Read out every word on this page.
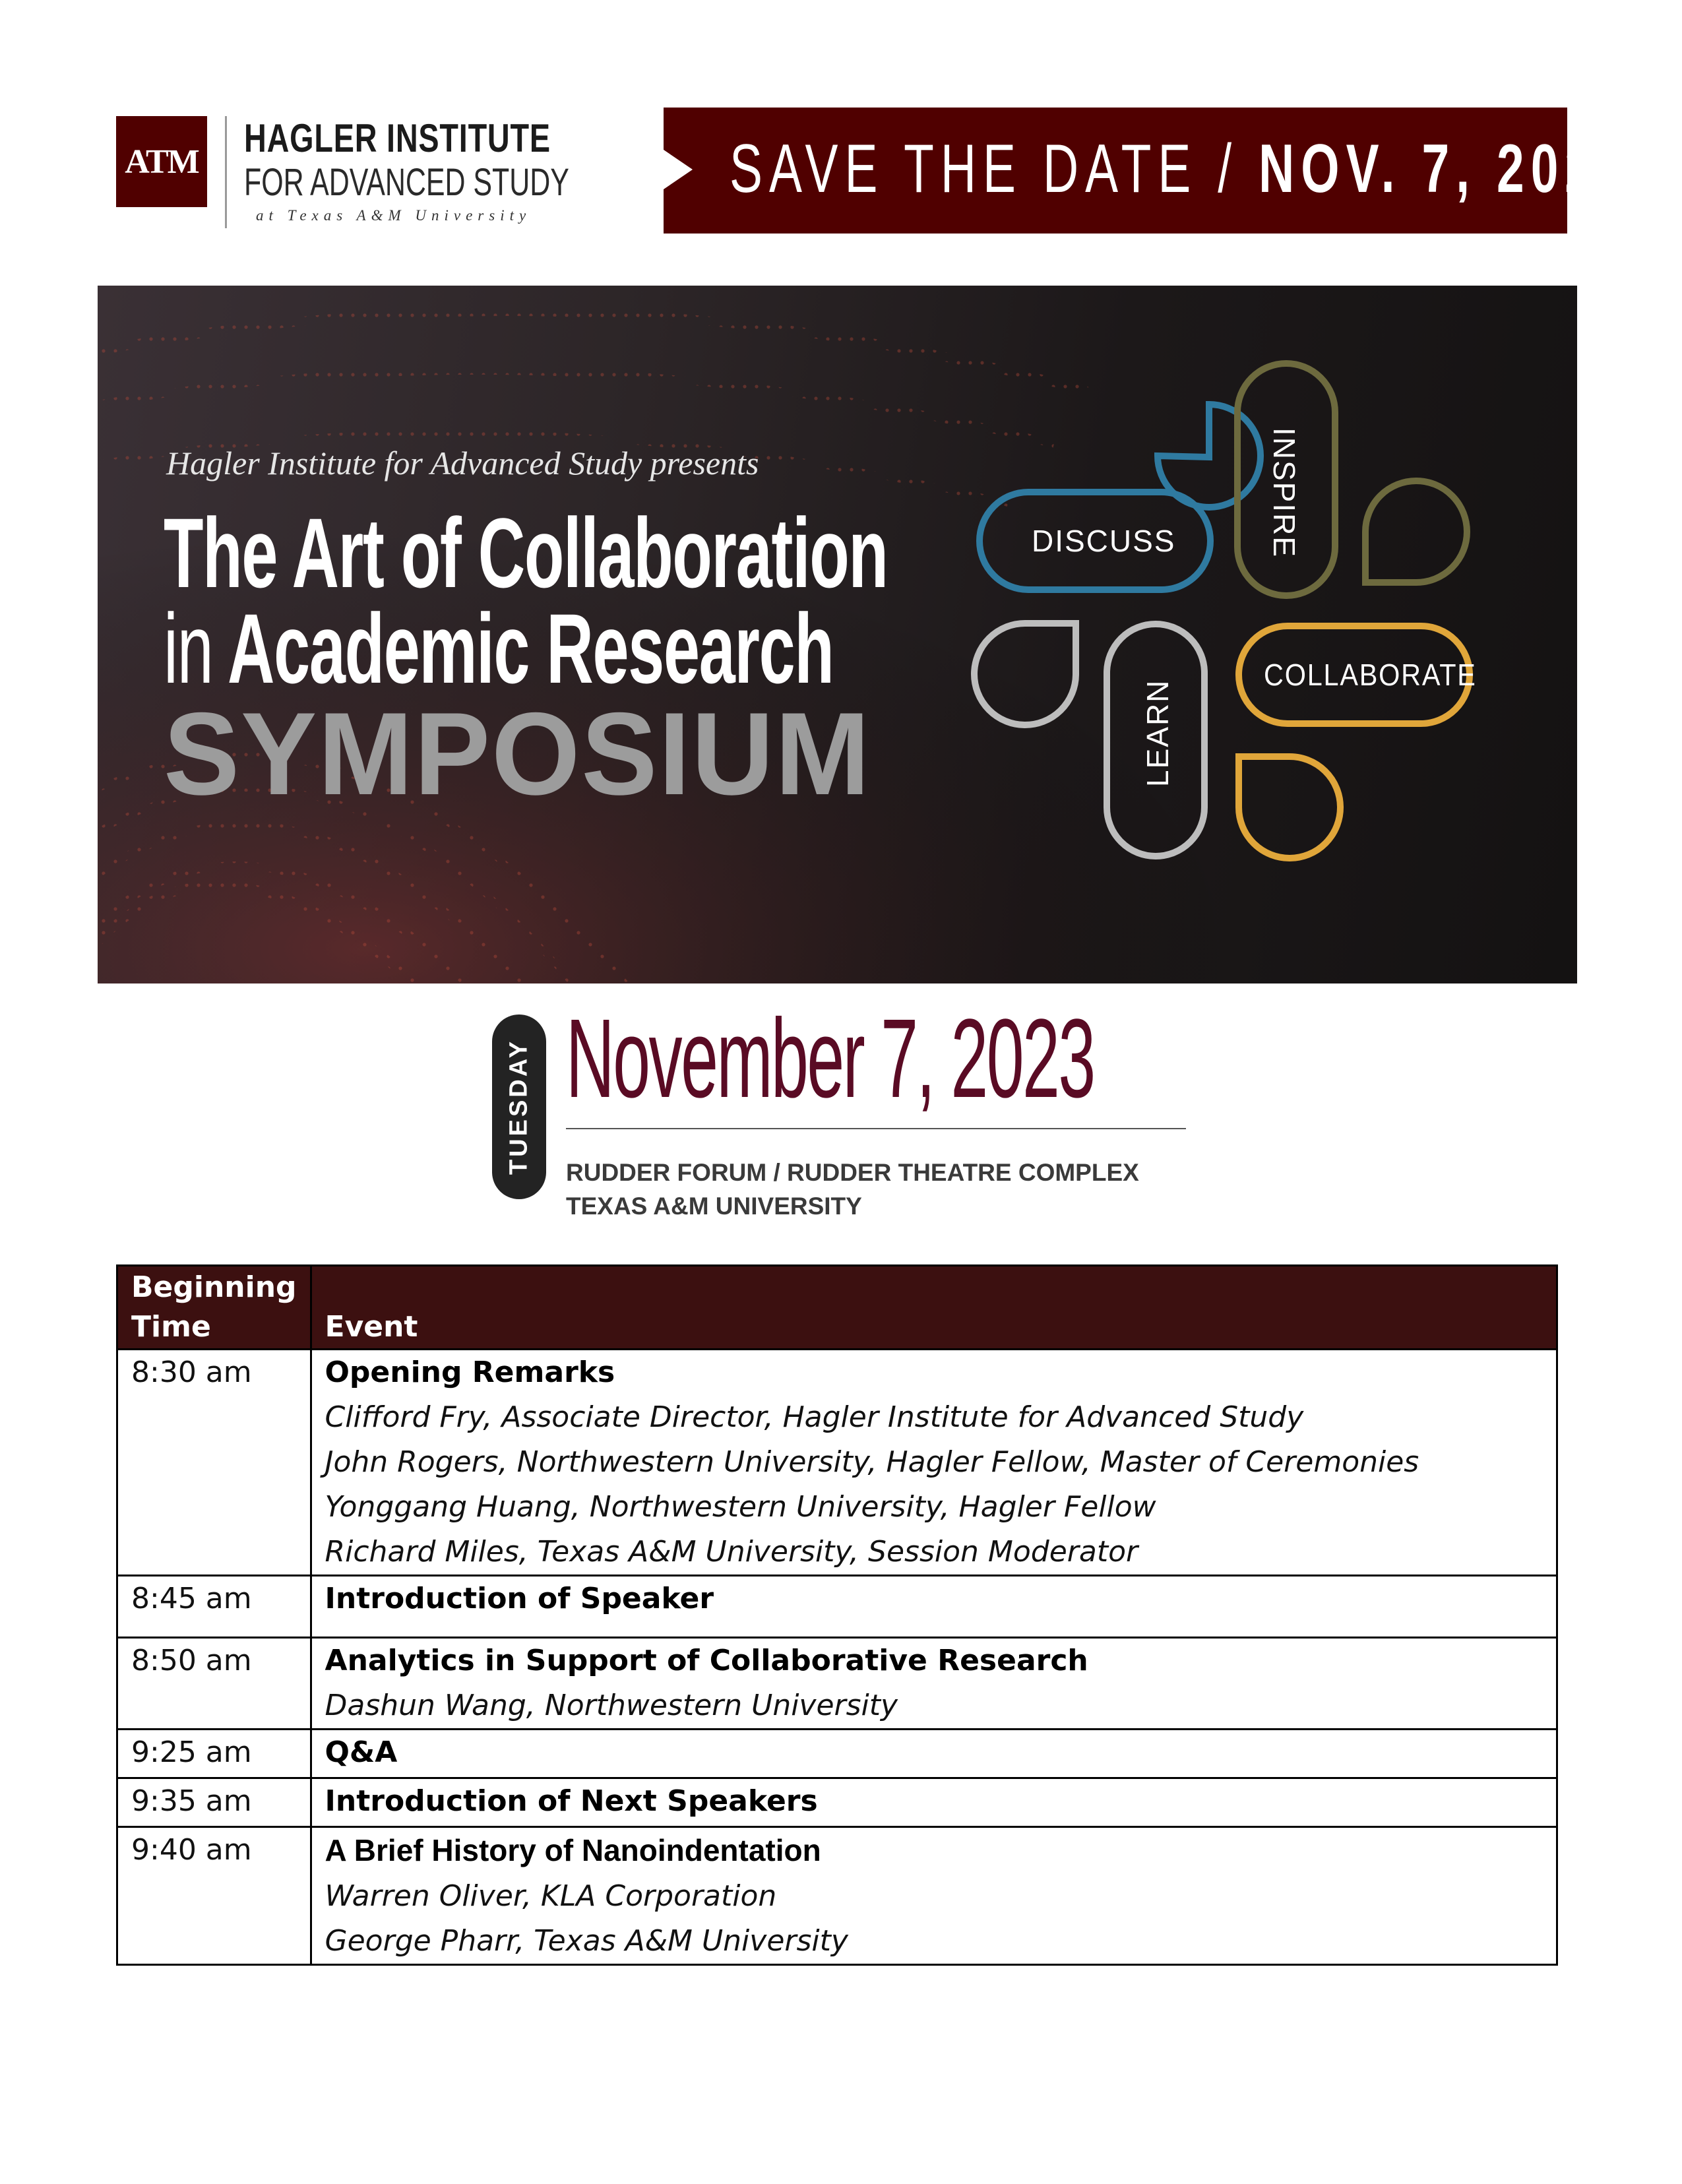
ATM
HAGLER INSTITUTE
FOR ADVANCED STUDY
at Texas A&M University
SAVE THE DATE / NOV. 7, 2023
Hagler Institute for Advanced Study presents
The Art of Collaboration
in Academic Research
SYMPOSIUM
DISCUSS	INSPIRE
LEARN
COLLABORATE
TUESDAY November 7, 2023
RUDDER FORUM / RUDDER THEATRE COMPLEX
TEXAS A&M UNIVERSITY
Beginning
Time	Event
8:30 am	Opening Remarks
Clifford Fry, Associate Director, Hagler Institute for Advanced Study
John Rogers, Northwestern University, Hagler Fellow, Master of Ceremonies
Yonggang Huang, Northwestern University, Hagler Fellow
Richard Miles, Texas A&M University, Session Moderator

8:45 am	Introduction of Speaker
8:50 am	Analytics in Support of Collaborative Research
Dashun Wang, Northwestern University

9:25 am	Q&A
9:35 am	Introduction of Next Speakers
9:40 am	A Brief History of Nanoindentation
Warren Oliver, KLA Corporation
George Pharr, Texas A&M University
